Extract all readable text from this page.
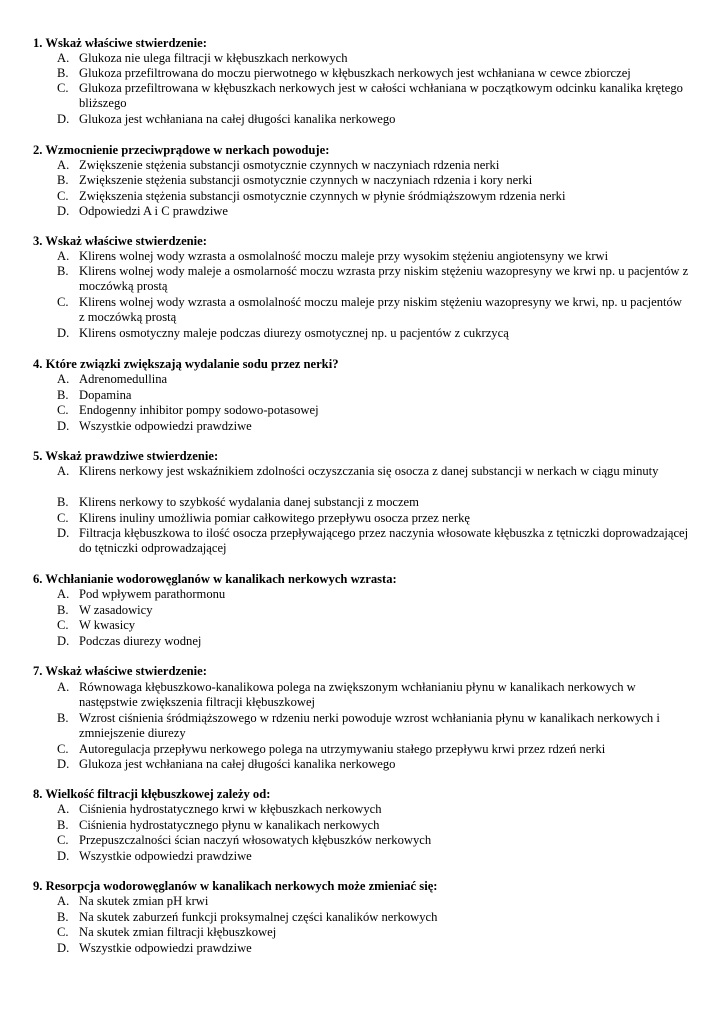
1. Wskaż właściwe stwierdzenie:
A. Glukoza nie ulega filtracji w kłębuszkach nerkowych
B. Glukoza przefiltrowana do moczu pierwotnego w kłębuszkach nerkowych jest wchłaniana w cewce zbiorczej
C. Glukoza przefiltrowana w kłębuszkach nerkowych jest w całości wchłaniana w początkowym odcinku kanalika krętego bliższego
D. Glukoza jest wchłaniana na całej długości kanalika nerkowego
2. Wzmocnienie przeciwprądowe w nerkach powoduje:
A. Zwiększenie stężenia substancji osmotycznie czynnych w naczyniach rdzenia nerki
B. Zwiększenie stężenia substancji osmotycznie czynnych w naczyniach rdzenia i kory nerki
C. Zwiększenia stężenia substancji osmotycznie czynnych w płynie śródmiąższowym rdzenia nerki
D. Odpowiedzi A i C prawdziwe
3. Wskaż właściwe stwierdzenie:
A. Klirens wolnej wody wzrasta a osmolalność moczu maleje przy wysokim stężeniu angiotensyny we krwi
B. Klirens wolnej wody maleje a osmolarność moczu wzrasta przy niskim stężeniu wazopresyny we krwi np. u pacjentów z moczówką prostą
C. Klirens wolnej wody wzrasta a osmolalność moczu maleje przy niskim stężeniu wazopresyny we krwi, np. u pacjentów z moczówką prostą
D. Klirens osmotyczny maleje podczas diurezy osmotycznej np. u pacjentów z cukrzycą
4. Które związki zwiększają wydalanie sodu przez nerki?
A. Adrenomedullina
B. Dopamina
C. Endogenny inhibitor pompy sodowo-potasowej
D. Wszystkie odpowiedzi prawdziwe
5. Wskaż prawdziwe stwierdzenie:
A. Klirens nerkowy jest wskaźnikiem zdolności oczyszczania się osocza z danej substancji w nerkach w ciągu minuty
B. Klirens nerkowy to szybkość wydalania danej substancji z moczem
C. Klirens inuliny umożliwia pomiar całkowitego przepływu osocza przez nerkę
D. Filtracja kłębuszkowa to ilość osocza przepływającego przez naczynia włosowate kłębuszka z tętniczki doprowadzającej do tętniczki odprowadzającej
6. Wchłanianie wodorowęglanów w kanalikach nerkowych wzrasta:
A. Pod wpływem parathormonu
B. W zasadowicy
C. W kwasicy
D. Podczas diurezy wodnej
7. Wskaż właściwe stwierdzenie:
A. Równowaga kłębuszkowo-kanalikowa polega na zwiększonym wchłanianiu płynu w kanalikach nerkowych w następstwie zwiększenia filtracji kłębuszkowej
B. Wzrost ciśnienia śródmiąższowego w rdzeniu nerki powoduje wzrost wchłaniania płynu w kanalikach nerkowych i zmniejszenie diurezy
C. Autoregulacja przepływu nerkowego polega na utrzymywaniu stałego przepływu krwi przez rdzeń nerki
D. Glukoza jest wchłaniana na całej długości kanalika nerkowego
8. Wielkość filtracji kłębuszkowej zależy od:
A. Ciśnienia hydrostatycznego krwi w kłębuszkach nerkowych
B. Ciśnienia hydrostatycznego płynu w kanalikach nerkowych
C. Przepuszczalności ścian naczyń włosowatych kłębuszków nerkowych
D. Wszystkie odpowiedzi prawdziwe
9. Resorpcja wodorowęglanów w kanalikach nerkowych może zmieniać się:
A. Na skutek zmian pH krwi
B. Na skutek zaburzeń funkcji proksymalnej części kanalików nerkowych
C. Na skutek zmian filtracji kłębuszkowej
D. Wszystkie odpowiedzi prawdziwe
